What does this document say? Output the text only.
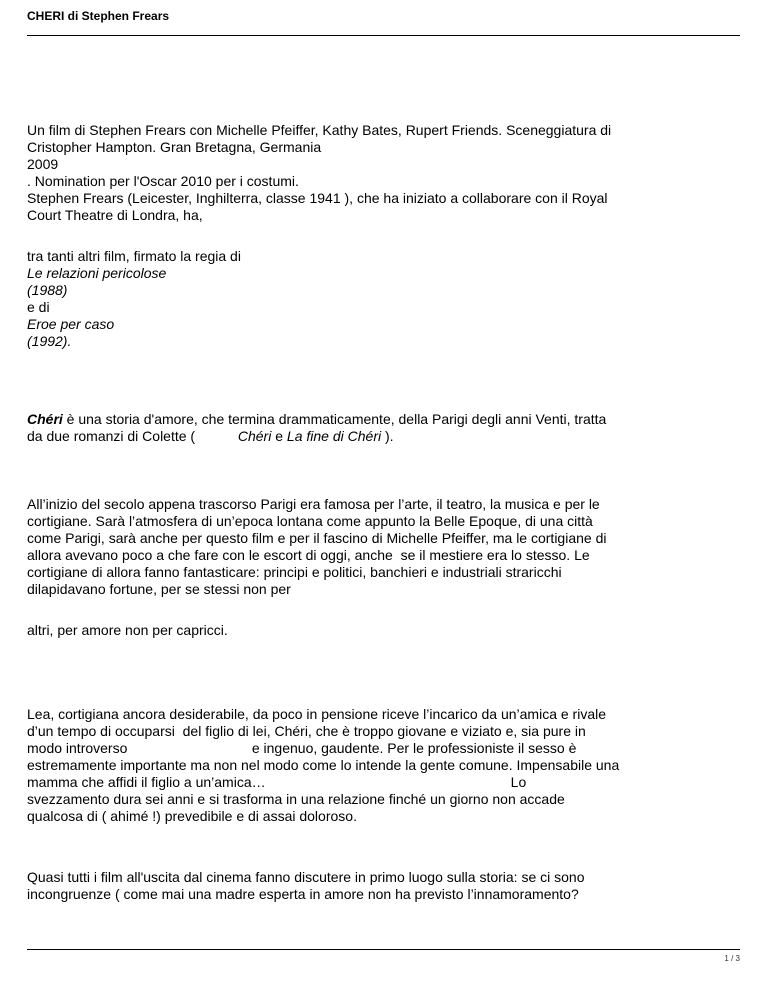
CHERI di Stephen Frears
Un film di Stephen Frears con Michelle Pfeiffer, Kathy Bates, Rupert Friends. Sceneggiatura di
Cristopher Hampton. Gran Bretagna, Germania
2009
. Nomination per l'Oscar 2010 per i costumi.
Stephen Frears (Leicester, Inghilterra, classe 1941 ), che ha iniziato a collaborare con il Royal
Court Theatre di Londra, ha,
tra tanti altri film, firmato la regia di
Le relazioni pericolose
(1988)
e di
Eroe per caso
(1992).
Chéri è una storia d'amore, che termina drammaticamente, della Parigi degli anni Venti, tratta
da due romanzi di Colette (           Chéri e La fine di Chéri ).
All’inizio del secolo appena trascorso Parigi era famosa per l’arte, il teatro, la musica e per le
cortigiane. Sarà l’atmosfera di un’epoca lontana come appunto la Belle Epoque, di una città
come Parigi, sarà anche per questo film e per il fascino di Michelle Pfeiffer, ma le cortigiane di
allora avevano poco a che fare con le escort di oggi, anche  se il mestiere era lo stesso. Le
cortigiane di allora fanno fantasticare: principi e politici, banchieri e industriali straricchi
dilapidavano fortune, per se stessi non per
altri, per amore non per capricci.
Lea, cortigiana ancora desiderabile, da poco in pensione riceve l’incarico da un’amica e rivale
d’un tempo di occuparsi  del figlio di lei, Chéri, che è troppo giovane e viziato e, sia pure in
modo introverso                                e ingenuo, gaudente. Per le professioniste il sesso è
estremamente importante ma non nel modo come lo intende la gente comune. Impensabile una
mamma che affidi il figlio a un’amica…                                                               Lo
svezzamento dura sei anni e si trasforma in una relazione finché un giorno non accade
qualcosa di ( ahimé !) prevedibile e di assai doloroso.
Quasi tutti i film all'uscita dal cinema fanno discutere in primo luogo sulla storia: se ci sono
incongruenze ( come mai una madre esperta in amore non ha previsto l’innamoramento?
1 / 3
